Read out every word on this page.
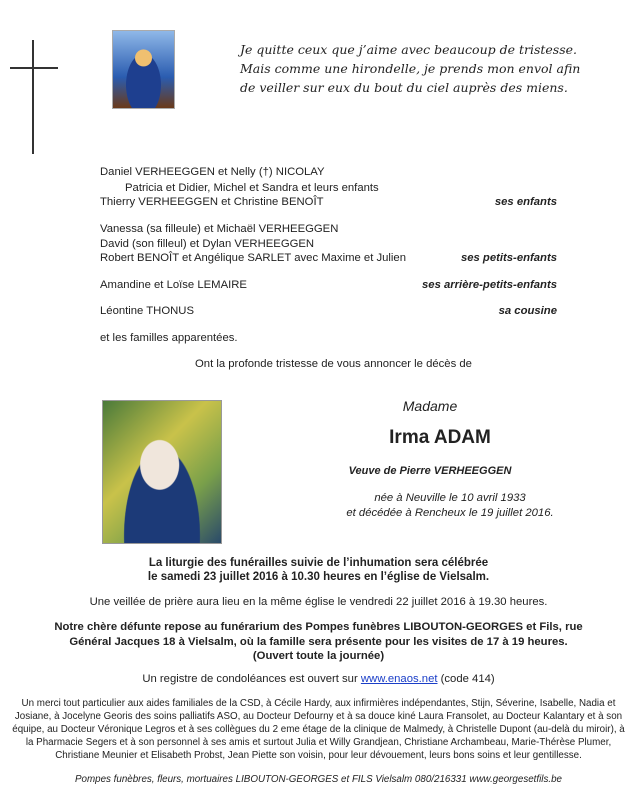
Je quitte ceux que j’aime avec beaucoup de tristesse.
Mais comme une hirondelle, je prends mon envol afin
de veiller sur eux du bout du ciel auprès des miens.
Daniel VERHEEGGEN et Nelly (†) NICOLAY
Patricia et Didier, Michel et Sandra et leurs enfants
Thierry VERHEEGGEN et Christine BENOÎT	ses enfants
Vanessa (sa filleule) et Michaël VERHEEGGEN
David (son filleul) et Dylan VERHEEGGEN
Robert BENOÎT et Angélique SARLET avec Maxime et Julien	ses petits-enfants
Amandine et Loïse LEMAIRE	ses arrière-petits-enfants
Léontine THONUS	sa cousine
et les familles apparentées.
Ont la profonde tristesse de vous annoncer le décès de
Madame
Irma ADAM
Veuve de Pierre VERHEEGGEN
née à Neuville le 10 avril 1933
et décédée à Rencheux le 19 juillet 2016.
La liturgie des funérailles suivie de l’inhumation sera célébrée
le samedi 23 juillet 2016 à 10.30 heures en l’église de Vielsalm.
Une veillée de prière aura lieu en la même église le vendredi 22 juillet 2016 à 19.30 heures.
Notre chère défunte repose au funérarium des Pompes funèbres LIBOUTON-GEORGES et Fils, rue
Général Jacques 18 à Vielsalm, où la famille sera présente pour les visites de 17 à 19 heures.
(Ouvert toute la journée)
Un registre de condoléances est ouvert sur www.enaos.net (code 414)
Un merci tout particulier aux aides familiales de la CSD, à Cécile Hardy, aux infirmières indépendantes, Stijn, Séverine, Isabelle, Nadia et
Josiane, à Jocelyne Georis des soins palliatifs ASO, au Docteur Defourny et à sa douce kiné Laura Fransolet, au Docteur Kalantary et à son
équipe, au Docteur Véronique Legros et à ses collègues du 2 eme étage de la clinique de Malmedy, à Christelle Dupont (au-delà du miroir), à
la Pharmacie Segers et à son personnel à ses amis et surtout Julia et Willy Grandjean, Christiane Archambeau, Marie-Thérèse Plumer,
Christiane Meunier et Elisabeth Probst, Jean Piette son voisin, pour leur dévouement, leurs bons soins et leur gentillesse.
Pompes funèbres, fleurs, mortuaires LIBOUTON-GEORGES et FILS Vielsalm 080/216331 www.georgesetfils.be
